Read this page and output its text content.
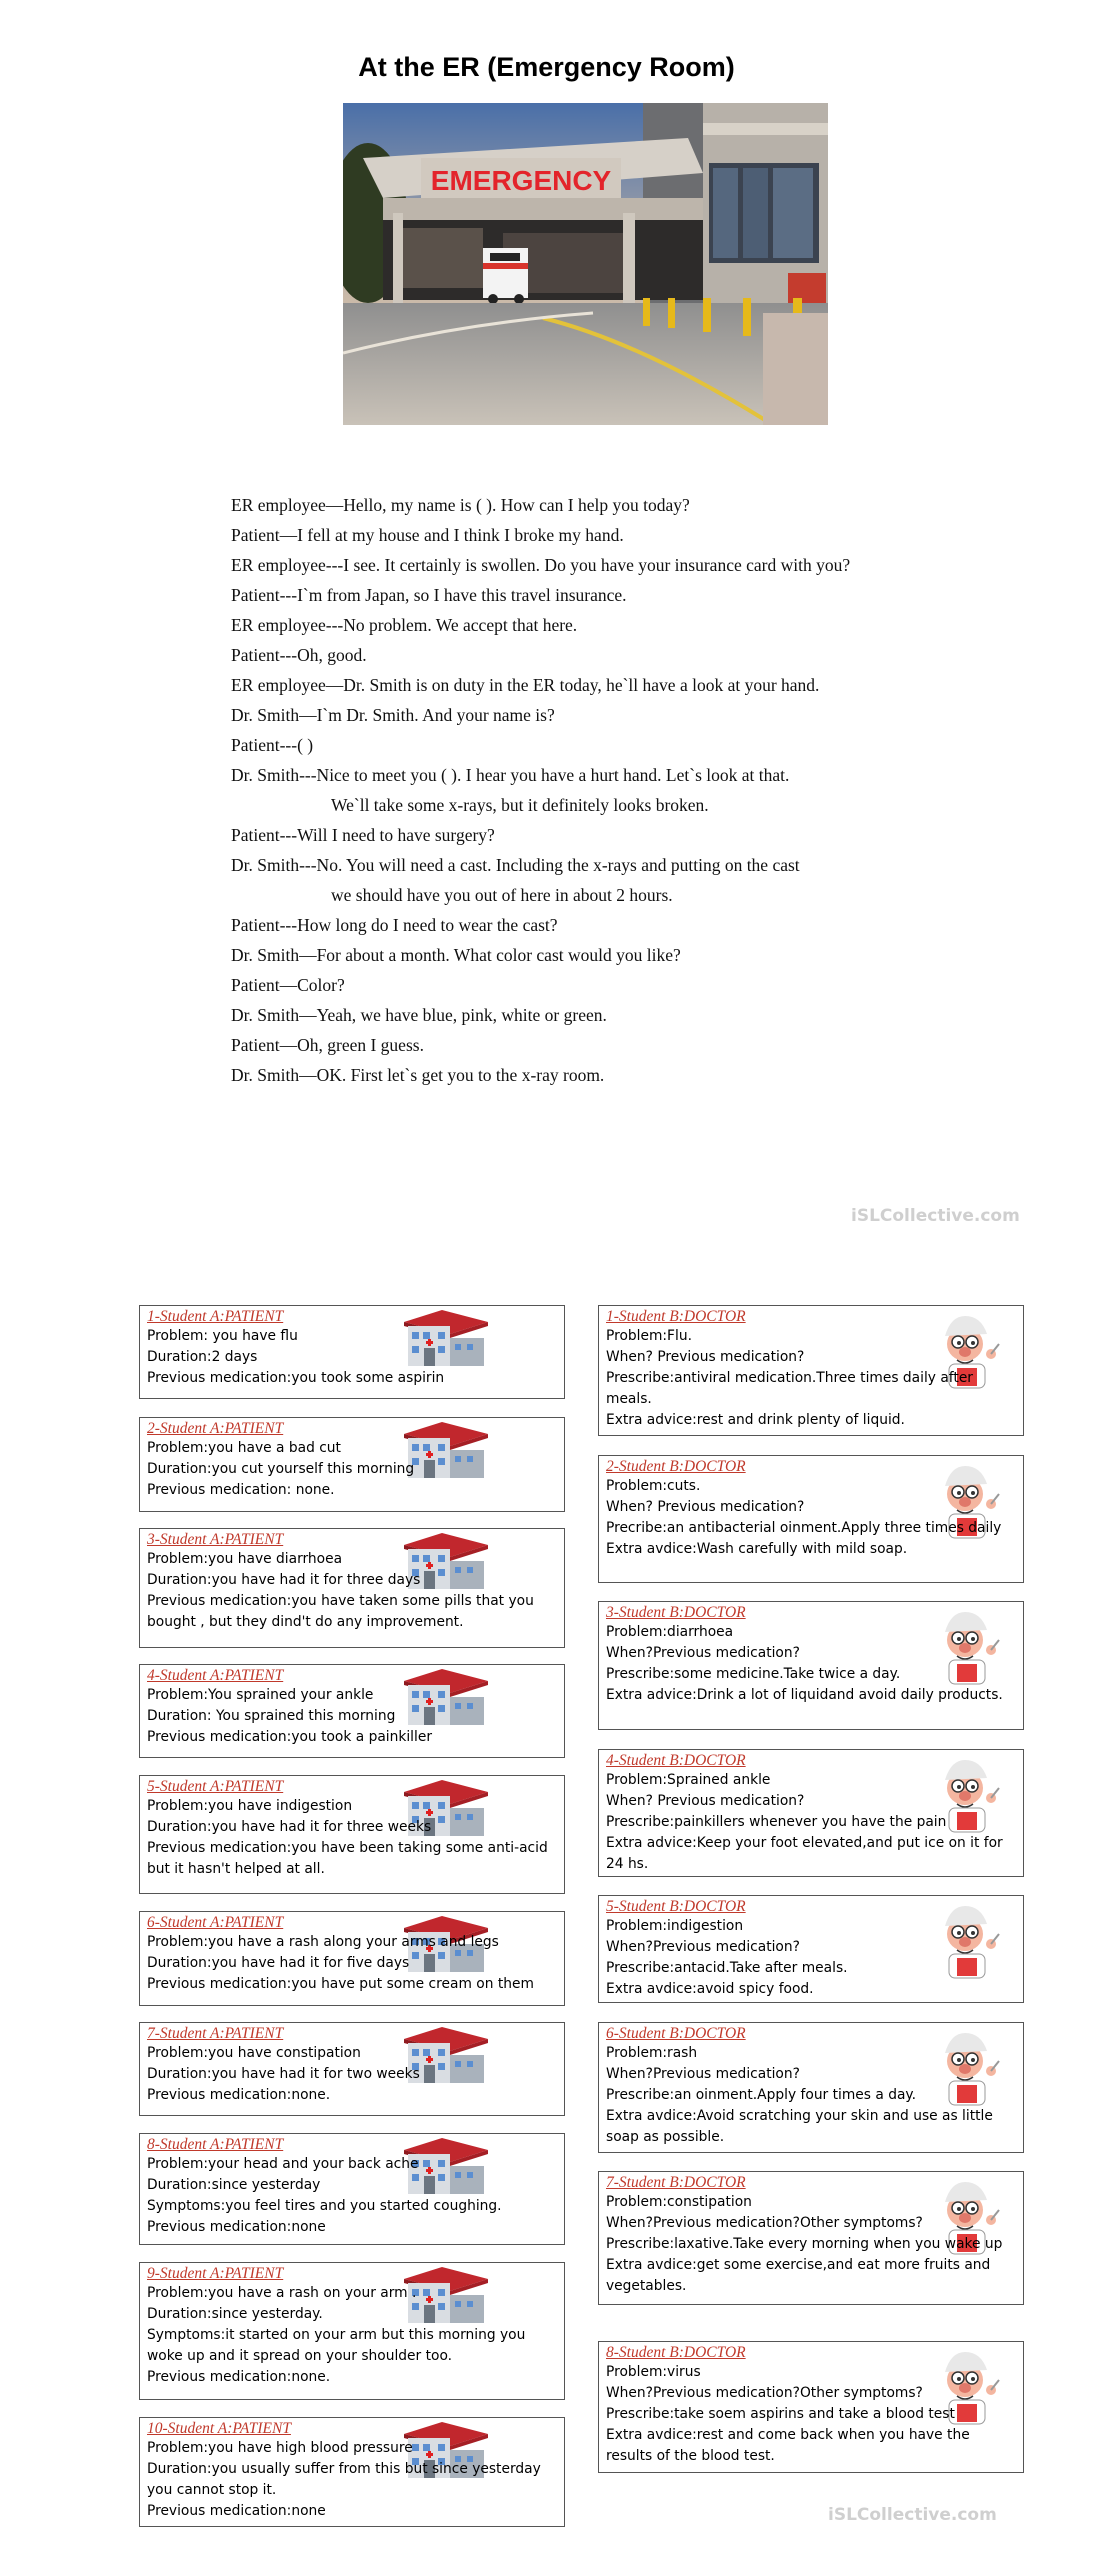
At the ER (Emergency Room)
EMERGENCY
ER employee—Hello, my name is ( ). How can I help you today?
Patient—I fell at my house and I think I broke my hand.
ER employee---I see. It certainly is swollen. Do you have your insurance card with you?
Patient---I`m from Japan, so I have this travel insurance.
ER employee---No problem. We accept that here.
Patient---Oh, good.
ER employee—Dr. Smith is on duty in the ER today, he`ll have a look at your hand.
Dr. Smith—I`m Dr. Smith. And your name is?
Patient---( )
Dr. Smith---Nice to meet you ( ). I hear you have a hurt hand. Let`s look at that.
We`ll take some x-rays, but it definitely looks broken.
Patient---Will I need to have surgery?
Dr. Smith---No. You will need a cast. Including the x-rays and putting on the cast
we should have you out of here in about 2 hours.
Patient---How long do I need to wear the cast?
Dr. Smith—For about a month. What color cast would you like?
Patient—Color?
Dr. Smith—Yeah, we have blue, pink, white or green.
Patient—Oh, green I guess.
Dr. Smith—OK. First let`s get you to the x-ray room.
iSLCollective.com
iSLCollective.com
1-Student A:PATIENT
Problem: you have flu
Duration:2 days
Previous medication:you took some aspirin
2-Student A:PATIENT
Problem:you have a bad cut
Duration:you cut yourself this morning
Previous medication: none.
3-Student A:PATIENT
Problem:you have diarrhoea
Duration:you have had it for three days
Previous medication:you have taken some pills that you bought , but they dind't do any improvement.
4-Student A:PATIENT
Problem:You sprained your ankle
Duration: You sprained this morning
Previous medication:you took a painkiller
5-Student A:PATIENT
Problem:you have indigestion
Duration:you have had it for three weeks
Previous medication:you have been taking some anti-acid but it hasn't helped at all.
6-Student A:PATIENT
Problem:you have a rash along your arms and legs
Duration:you have had it for five days
Previous medication:you have put some cream on them
7-Student A:PATIENT
Problem:you have constipation
Duration:you have had it for two weeks
Previous medication:none.
8-Student A:PATIENT
Problem:your head and your back ache
Duration:since yesterday
Symptoms:you feel tires and you started coughing.
Previous medication:none
9-Student A:PATIENT
Problem:you have a rash on your arm .
Duration:since yesterday.
Symptoms:it started on your arm but this morning you woke up and it spread on your shoulder too.
Previous medication:none.
10-Student A:PATIENT
Problem:you have high blood pressure
Duration:you usually suffer from this but since yesterday you cannot stop it.
Previous medication:none
1-Student B:DOCTOR
Problem:Flu.
When? Previous medication?
Prescribe:antiviral medication.Three times daily after meals.
Extra advice:rest and drink plenty of liquid.
2-Student B:DOCTOR
Problem:cuts.
When? Previous medication?
Precribe:an antibacterial oinment.Apply three times daily
Extra avdice:Wash carefully with mild soap.
3-Student B:DOCTOR
Problem:diarrhoea
When?Previous medication?
Prescribe:some medicine.Take twice a day.
Extra advice:Drink a lot of liquidand avoid daily products.
4-Student B:DOCTOR
Problem:Sprained ankle
When? Previous medication?
Prescribe:painkillers whenever you have the pain
Extra advice:Keep your foot elevated,and put ice on it for 24 hs.
5-Student B:DOCTOR
Problem:indigestion
When?Previous medication?
Prescribe:antacid.Take after meals.
Extra avdice:avoid spicy food.
6-Student B:DOCTOR
Problem:rash
When?Previous medication?
Prescribe:an oinment.Apply four times a day.
Extra avdice:Avoid scratching your skin and use as little soap as possible.
7-Student B:DOCTOR
Problem:constipation
When?Previous medication?Other symptoms?
Prescribe:laxative.Take every morning when you wake up
Extra avdice:get some exercise,and eat more fruits and vegetables.
8-Student B:DOCTOR
Problem:virus
When?Previous medication?Other symptoms?
Prescribe:take soem aspirins and take a blood test
Extra avdice:rest and come back when you have the results of the blood test.
